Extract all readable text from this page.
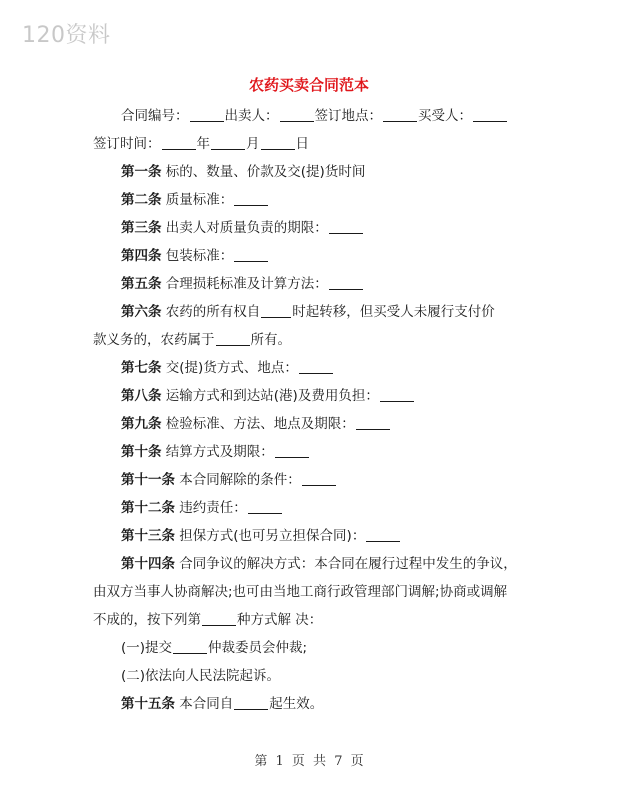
120资料
农药买卖合同范本
合同编号：	出卖人：	签订地点：	买受人：
签订时间：	年	月	日
第一条 标的、数量、价款及交(提)货时间
第二条 质量标准：
第三条 出卖人对质量负责的期限：
第四条 包装标准：
第五条 合理损耗标准及计算方法：
第六条 农药的所有权自 时起转移，但买受人未履行支付价
款义务的，农药属于	所有。
第七条 交(提)货方式、地点：
第八条 运输方式和到达站(港)及费用负担：
第九条 检验标准、方法、地点及期限：
第十条 结算方式及期限：
第十一条 本合同解除的条件：
第十二条 违约责任：
第十三条 担保方式(也可另立担保合同)：
第十四条 合同争议的解决方式：本合同在履行过程中发生的争议，
由双方当事人协商解决;也可由当地工商行政管理部门调解;协商或调解
不成的，按下列第	种方式解 决：
(一)提交	仲裁委员会仲裁;
(二)依法向人民法院起诉。
第十五条 本合同自	起生效。
第 1 页 共 7 页
